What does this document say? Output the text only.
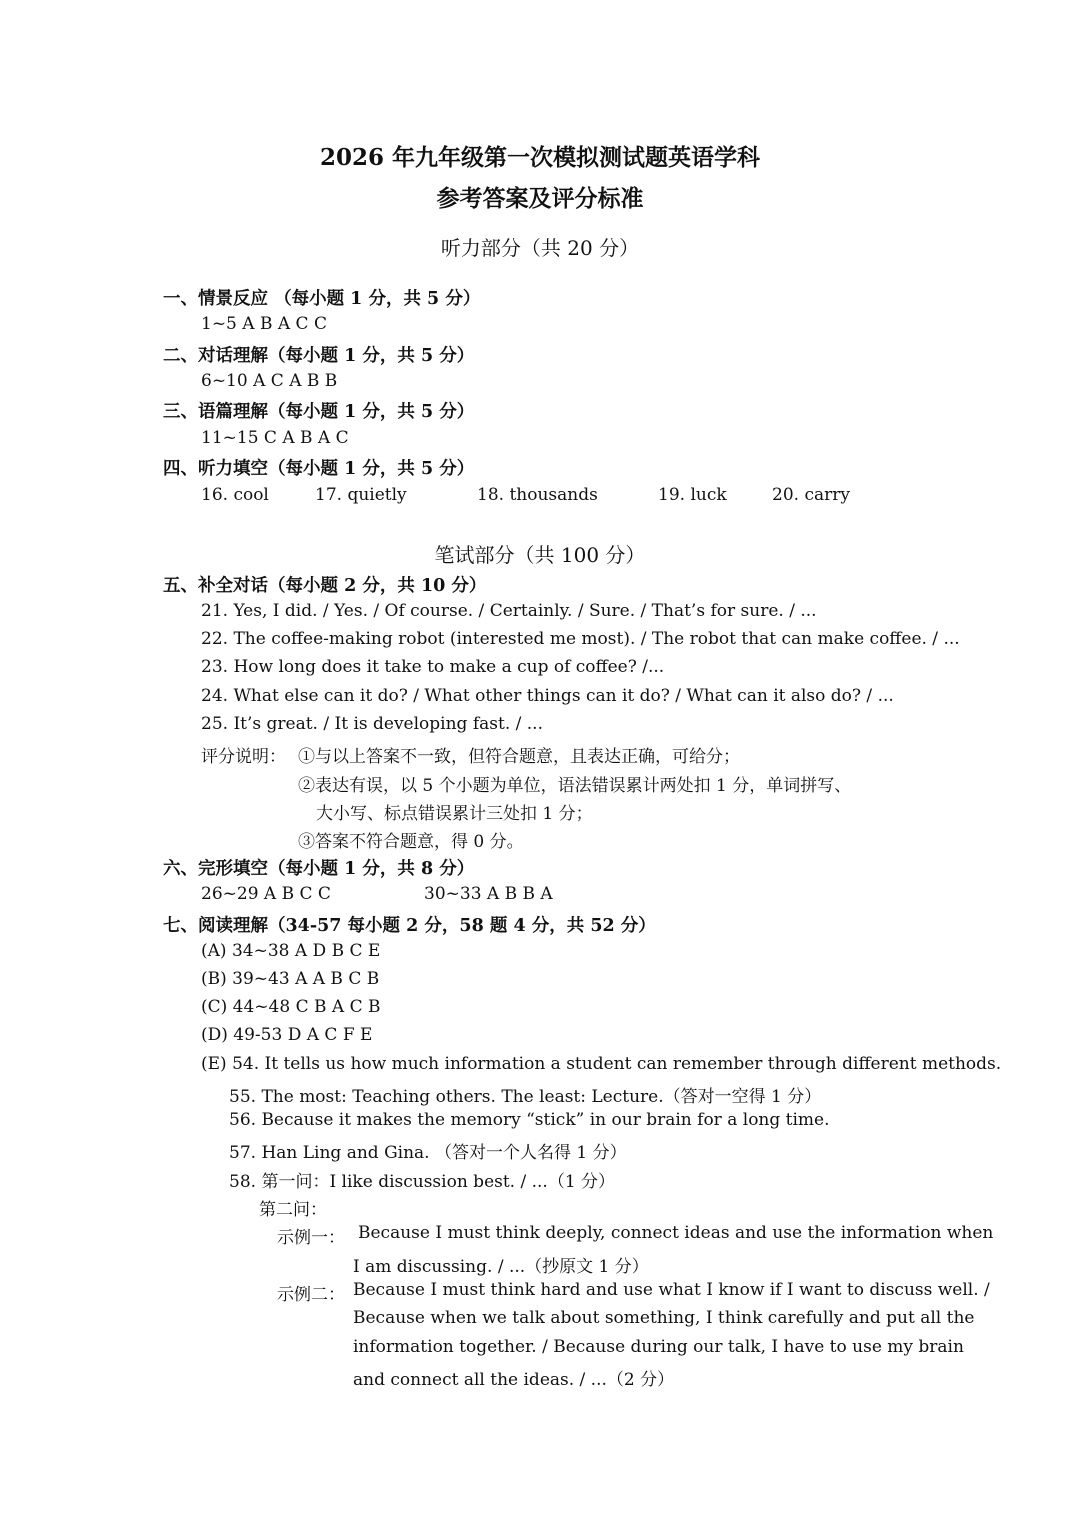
2026 年九年级第一次模拟测试题英语学科
参考答案及评分标准
听力部分（共 20 分）
一、情景反应 （每小题 1 分，共 5 分）
1~5 A B A C C
二、对话理解（每小题 1 分，共 5 分）
6~10 A C A B B
三、语篇理解（每小题 1 分，共 5 分）
11~15 C A B A C
四、听力填空（每小题 1 分，共 5 分）
16. cool	17. quietly	18. thousands	19. luck	20. carry
笔试部分（共 100 分）
五、补全对话（每小题 2 分，共 10 分）
21. Yes, I did. / Yes. / Of course. / Certainly. / Sure. / That’s for sure. / ...
22. The coffee-making robot (interested me most). / The robot that can make coffee. / ...
23. How long does it take to make a cup of coffee? /...
24. What else can it do? / What other things can it do? / What can it also do? / ...
25. It’s great. / It is developing fast. / ...
评分说明： ①与以上答案不一致，但符合题意，且表达正确，可给分；
②表达有误，以 5 个小题为单位，语法错误累计两处扣 1 分，单词拼写、
大小写、标点错误累计三处扣 1 分；
③答案不符合题意，得 0 分。
六、完形填空（每小题 1 分，共 8 分）
26~29 A B C C	30~33 A B B A
七、阅读理解（34-57 每小题 2 分，58 题 4 分，共 52 分）
(A) 34~38 A D B C E
(B) 39~43 A A B C B
(C) 44~48 C B A C B
(D) 49-53 D A C F E
(E) 54. It tells us how much information a student can remember through different methods.
55. The most: Teaching others. The least: Lecture.（答对一空得 1 分）
56. Because it makes the memory “stick” in our brain for a long time.
57. Han Ling and Gina. （答对一个人名得 1 分）
58. 第一问：I like discussion best. / ...（1 分）
第二问：
示例一： Because I must think deeply, connect ideas and use the information when
I am discussing. / ...（抄原文 1 分）
示例二： Because I must think hard and use what I know if I want to discuss well. /
Because when we talk about something, I think carefully and put all the
information together. / Because during our talk, I have to use my brain
and connect all the ideas. / ...（2 分）
